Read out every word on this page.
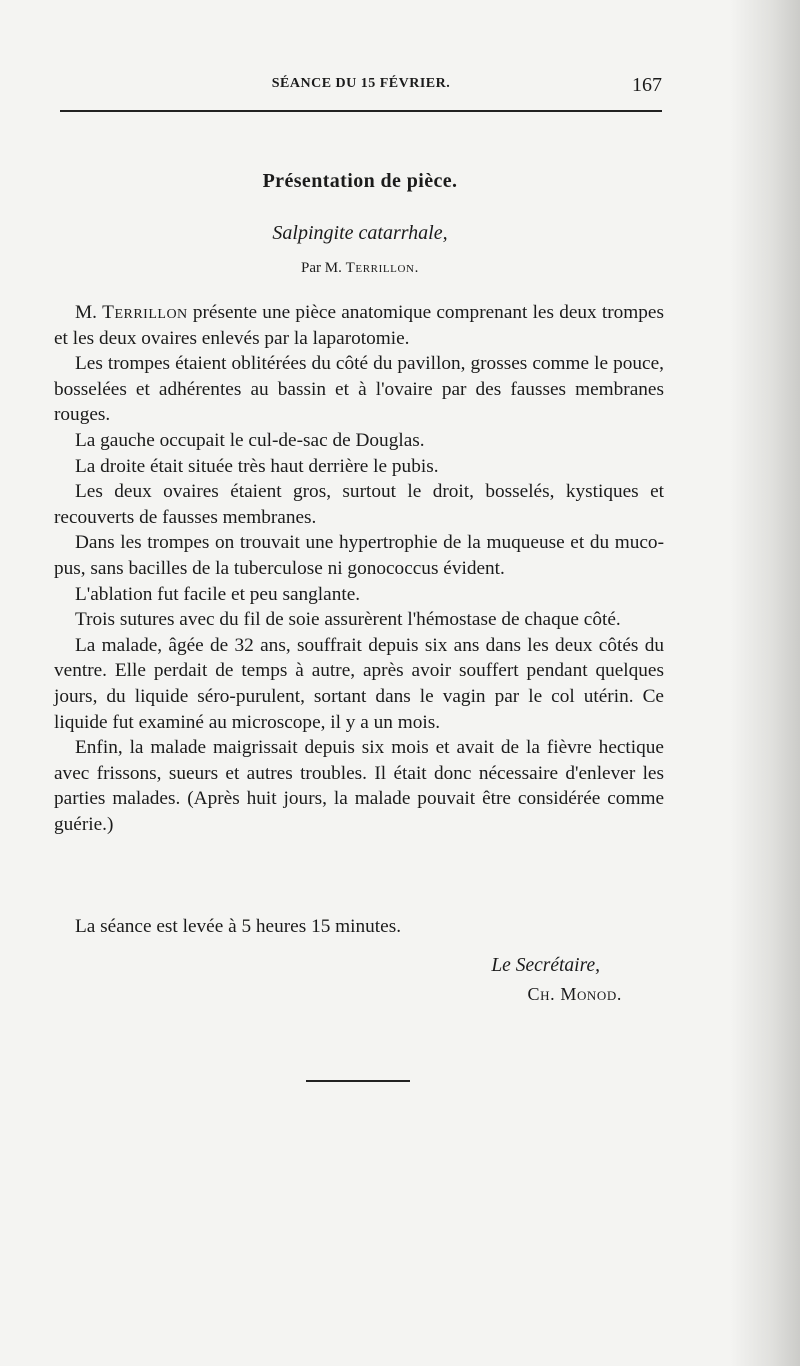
SÉANCE DU 15 FÉVRIER.	167
Présentation de pièce.
Salpingite catarrhale,
Par M. Terrillon.

M. Terrillon présente une pièce anatomique comprenant les deux trompes et les deux ovaires enlevés par la laparotomie.

Les trompes étaient oblitérées du côté du pavillon, grosses comme le pouce, bosselées et adhérentes au bassin et à l'ovaire par des fausses membranes rouges.

La gauche occupait le cul-de-sac de Douglas.

La droite était située très haut derrière le pubis.

Les deux ovaires étaient gros, surtout le droit, bosselés, kystiques et recouverts de fausses membranes.

Dans les trompes on trouvait une hypertrophie de la muqueuse et du muco-pus, sans bacilles de la tuberculose ni gonococcus évident.

L'ablation fut facile et peu sanglante.

Trois sutures avec du fil de soie assurèrent l'hémostase de chaque côté.

La malade, âgée de 32 ans, souffrait depuis six ans dans les deux côtés du ventre. Elle perdait de temps à autre, après avoir souffert pendant quelques jours, du liquide séro-purulent, sortant dans le vagin par le col utérin. Ce liquide fut examiné au microscope, il y a un mois.

Enfin, la malade maigrissait depuis six mois et avait de la fièvre hectique avec frissons, sueurs et autres troubles. Il était donc nécessaire d'enlever les parties malades. (Après huit jours, la malade pouvait être considérée comme guérie.)

La séance est levée à 5 heures 15 minutes.

Le Secrétaire,
Ch. Monod.
